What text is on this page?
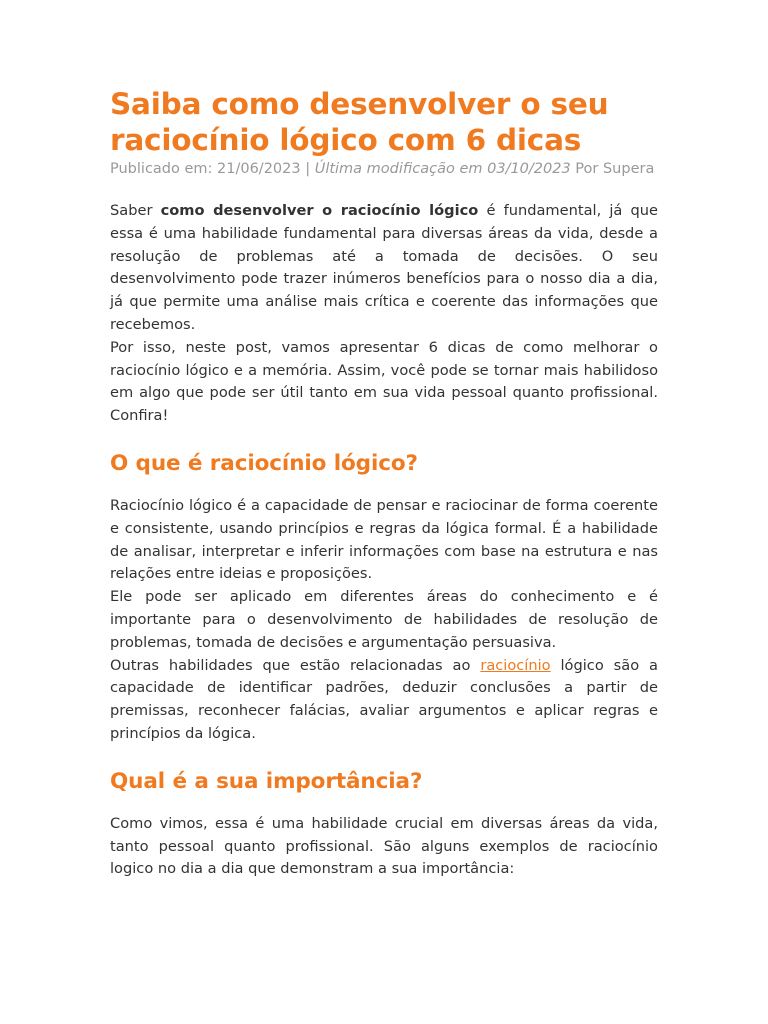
Saiba como desenvolver o seu raciocínio lógico com 6 dicas

Publicado em: 21/06/2023 | Última modificação em 03/10/2023 Por Supera

Saber como desenvolver o raciocínio lógico é fundamental, já que essa é uma habilidade fundamental para diversas áreas da vida, desde a resolução de problemas até a tomada de decisões. O seu desenvolvimento pode trazer inúmeros benefícios para o nosso dia a dia, já que permite uma análise mais crítica e coerente das informações que recebemos.

Por isso, neste post, vamos apresentar 6 dicas de como melhorar o raciocínio lógico e a memória. Assim, você pode se tornar mais habilidoso em algo que pode ser útil tanto em sua vida pessoal quanto profissional. Confira!

O que é raciocínio lógico?

Raciocínio lógico é a capacidade de pensar e raciocinar de forma coerente e consistente, usando princípios e regras da lógica formal. É a habilidade de analisar, interpretar e inferir informações com base na estrutura e nas relações entre ideias e proposições.

Ele pode ser aplicado em diferentes áreas do conhecimento e é importante para o desenvolvimento de habilidades de resolução de problemas, tomada de decisões e argumentação persuasiva.

Outras habilidades que estão relacionadas ao raciocínio lógico são a capacidade de identificar padrões, deduzir conclusões a partir de premissas, reconhecer falácias, avaliar argumentos e aplicar regras e princípios da lógica.

Qual é a sua importância?

Como vimos, essa é uma habilidade crucial em diversas áreas da vida, tanto pessoal quanto profissional. São alguns exemplos de raciocínio logico no dia a dia que demonstram a sua importância:
